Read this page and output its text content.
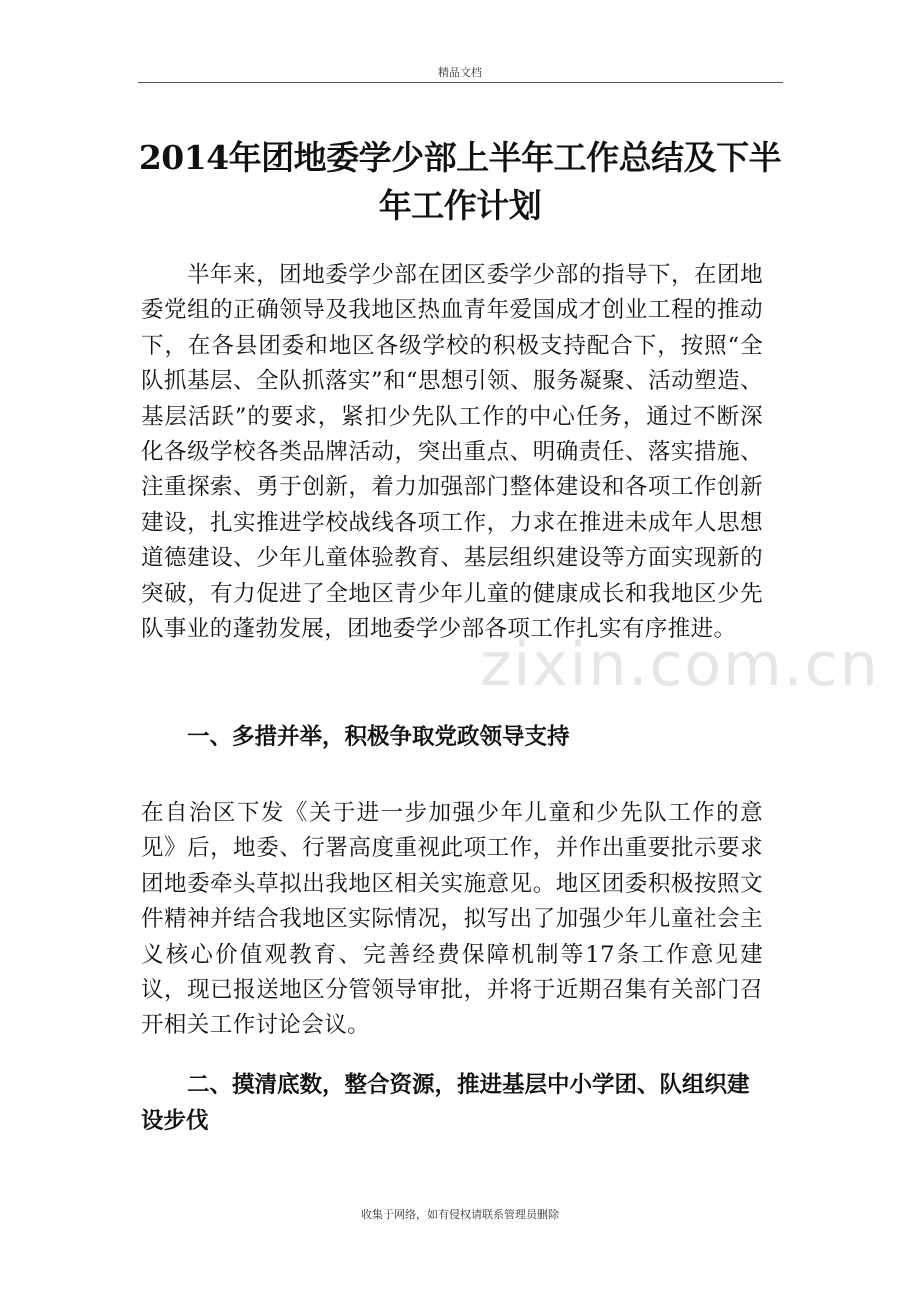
精品文档
zixin.com.cn
2014年团地委学少部上半年工作总结及下半年工作计划
半年来，团地委学少部在团区委学少部的指导下，在团地委党组的正确领导及我地区热血青年爱国成才创业工程的推动下，在各县团委和地区各级学校的积极支持配合下，按照“全队抓基层、全队抓落实”和“思想引领、服务凝聚、活动塑造、基层活跃”的要求，紧扣少先队工作的中心任务，通过不断深化各级学校各类品牌活动，突出重点、明确责任、落实措施、注重探索、勇于创新，着力加强部门整体建设和各项工作创新建设，扎实推进学校战线各项工作，力求在推进未成年人思想道德建设、少年儿童体验教育、基层组织建设等方面实现新的突破，有力促进了全地区青少年儿童的健康成长和我地区少先队事业的蓬勃发展，团地委学少部各项工作扎实有序推进。
一、多措并举，积极争取党政领导支持
在自治区下发《关于进一步加强少年儿童和少先队工作的意见》后，地委、行署高度重视此项工作，并作出重要批示要求团地委牵头草拟出我地区相关实施意见。地区团委积极按照文件精神并结合我地区实际情况，拟写出了加强少年儿童社会主义核心价值观教育、完善经费保障机制等17条工作意见建议，现已报送地区分管领导审批，并将于近期召集有关部门召开相关工作讨论会议。
二、摸清底数，整合资源，推进基层中小学团、队组织建设步伐
收集于网络，如有侵权请联系管理员删除
